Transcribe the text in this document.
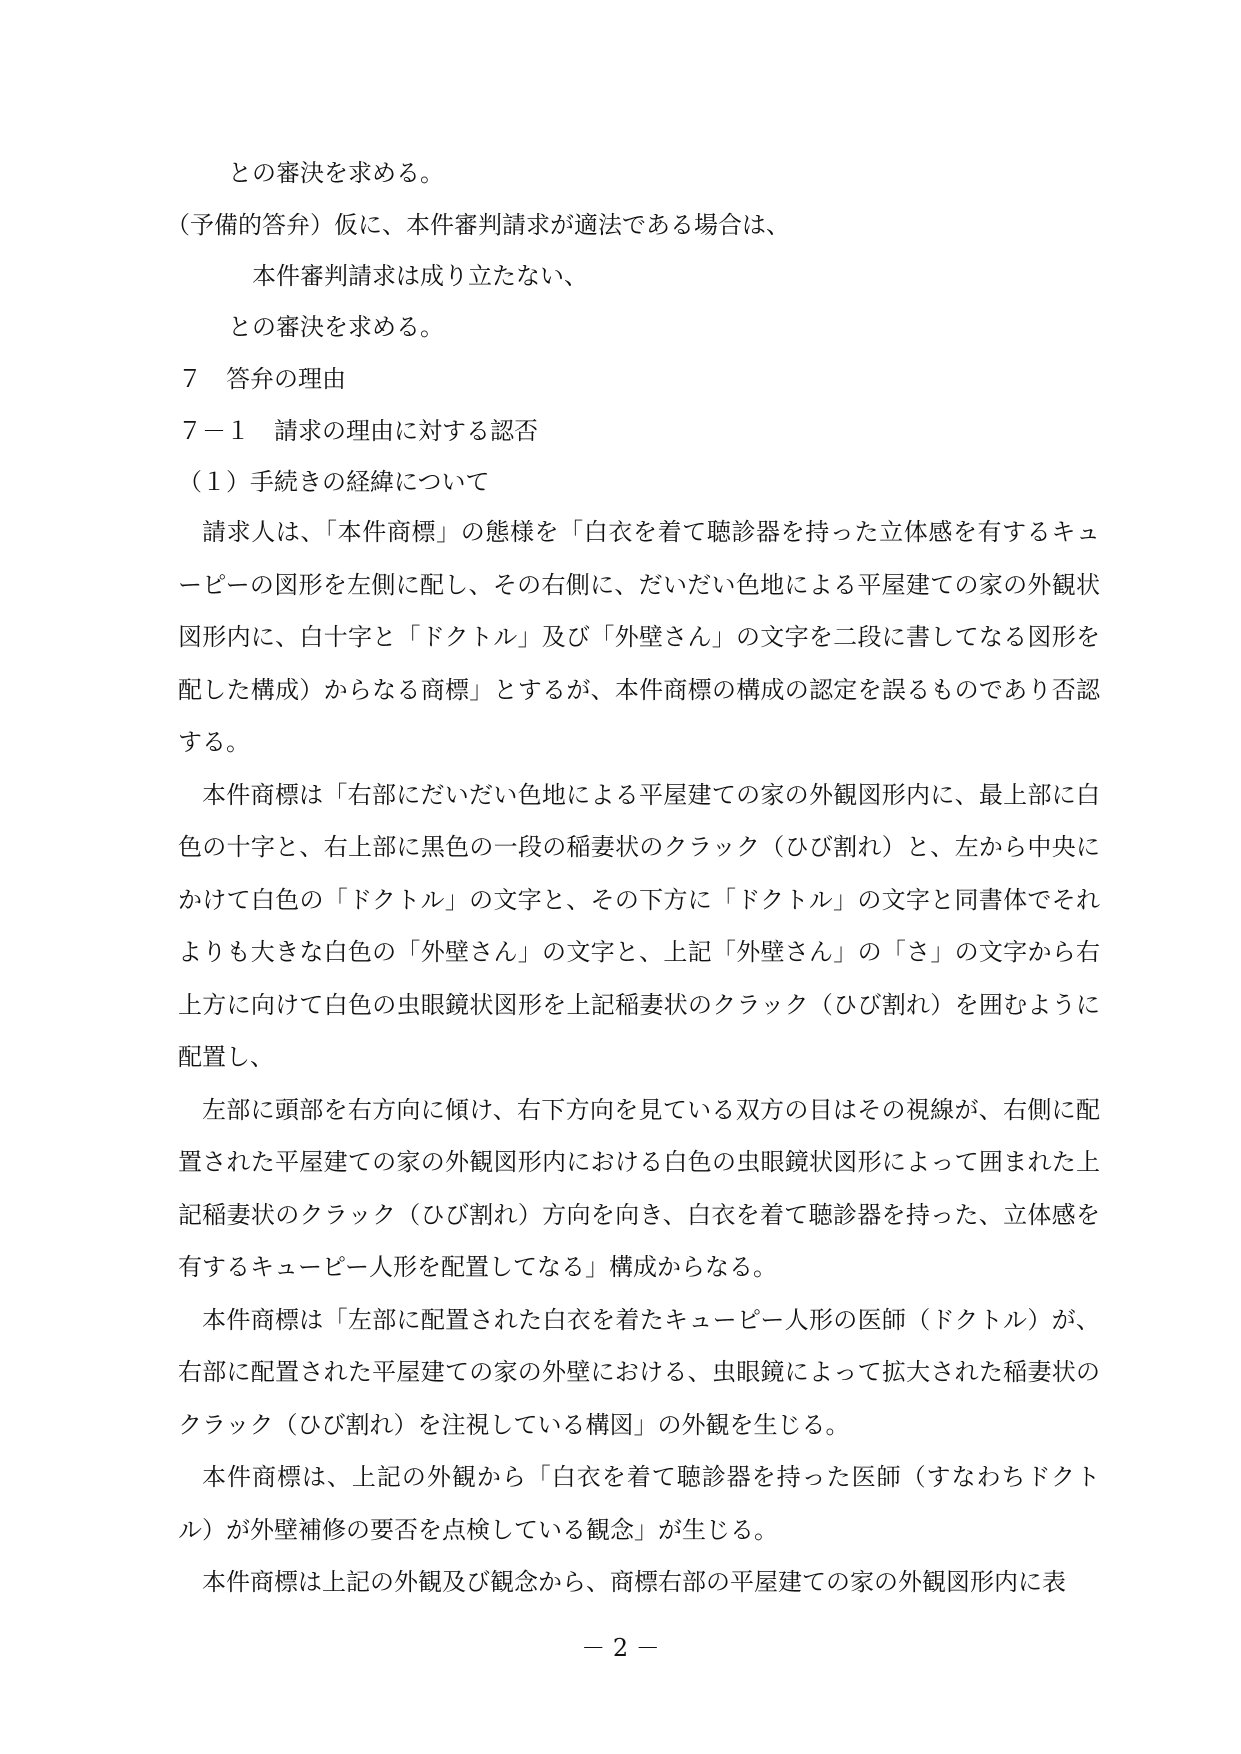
との審決を求める。
（予備的答弁）仮に、本件審判請求が適法である場合は、
本件審判請求は成り立たない、
との審決を求める。
７　答弁の理由
７－１　請求の理由に対する認否
（１）手続きの経緯について

請求人は、「本件商標」の態様を「白衣を着て聴診器を持った立体感を有するキューピーの図形を左側に配し、その右側に、だいだい色地による平屋建ての家の外観状図形内に、白十字と「ドクトル」及び「外壁さん」の文字を二段に書してなる図形を配した構成）からなる商標」とするが、本件商標の構成の認定を誤るものであり否認する。

本件商標は「右部にだいだい色地による平屋建ての家の外観図形内に、最上部に白色の十字と、右上部に黒色の一段の稲妻状のクラック（ひび割れ）と、左から中央にかけて白色の「ドクトル」の文字と、その下方に「ドクトル」の文字と同書体でそれよりも大きな白色の「外壁さん」の文字と、上記「外壁さん」の「さ」の文字から右上方に向けて白色の虫眼鏡状図形を上記稲妻状のクラック（ひび割れ）を囲むように配置し、

左部に頭部を右方向に傾け、右下方向を見ている双方の目はその視線が、右側に配置された平屋建ての家の外観図形内における白色の虫眼鏡状図形によって囲まれた上記稲妻状のクラック（ひび割れ）方向を向き、白衣を着て聴診器を持った、立体感を有するキューピー人形を配置してなる」構成からなる。

本件商標は「左部に配置された白衣を着たキューピー人形の医師（ドクトル）が、右部に配置された平屋建ての家の外壁における、虫眼鏡によって拡大された稲妻状のクラック（ひび割れ）を注視している構図」の外観を生じる。

本件商標は、上記の外観から「白衣を着て聴診器を持った医師（すなわちドクトル）が外壁補修の要否を点検している観念」が生じる。

本件商標は上記の外観及び観念から、商標右部の平屋建ての家の外観図形内に表

－ 2 －
